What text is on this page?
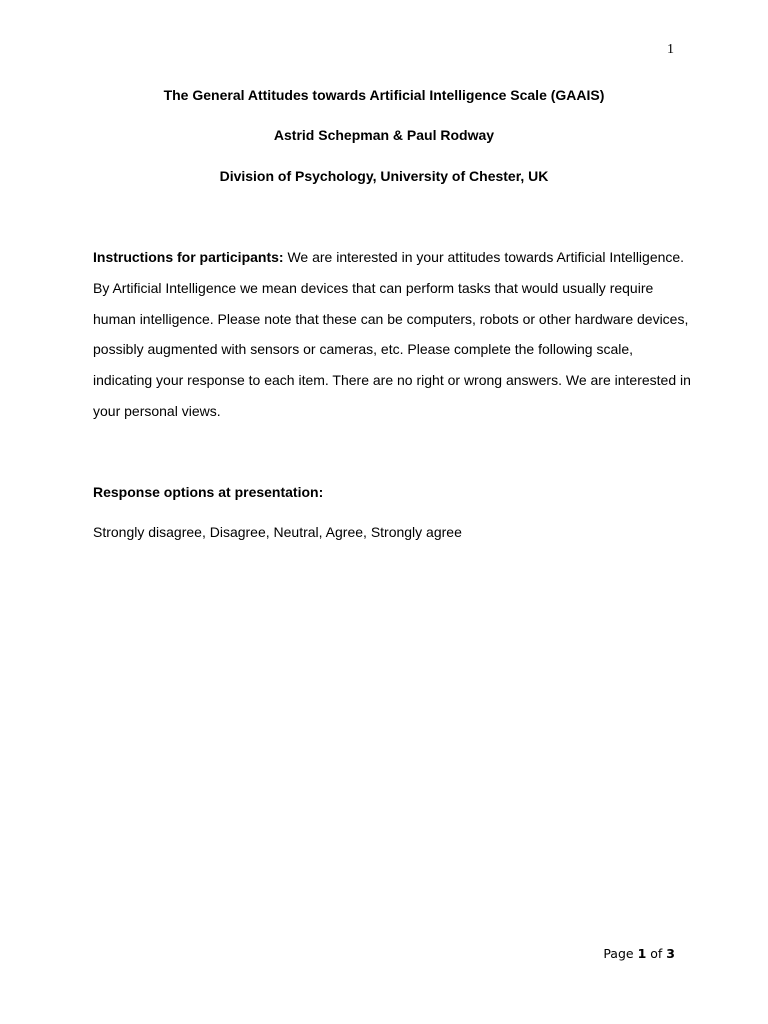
1
The General Attitudes towards Artificial Intelligence Scale (GAAIS)
Astrid Schepman & Paul Rodway
Division of Psychology, University of Chester, UK
Instructions for participants: We are interested in your attitudes towards Artificial Intelligence. By Artificial Intelligence we mean devices that can perform tasks that would usually require human intelligence. Please note that these can be computers, robots or other hardware devices, possibly augmented with sensors or cameras, etc. Please complete the following scale, indicating your response to each item. There are no right or wrong answers. We are interested in your personal views.
Response options at presentation:
Strongly disagree, Disagree, Neutral, Agree, Strongly agree
Page 1 of 3
